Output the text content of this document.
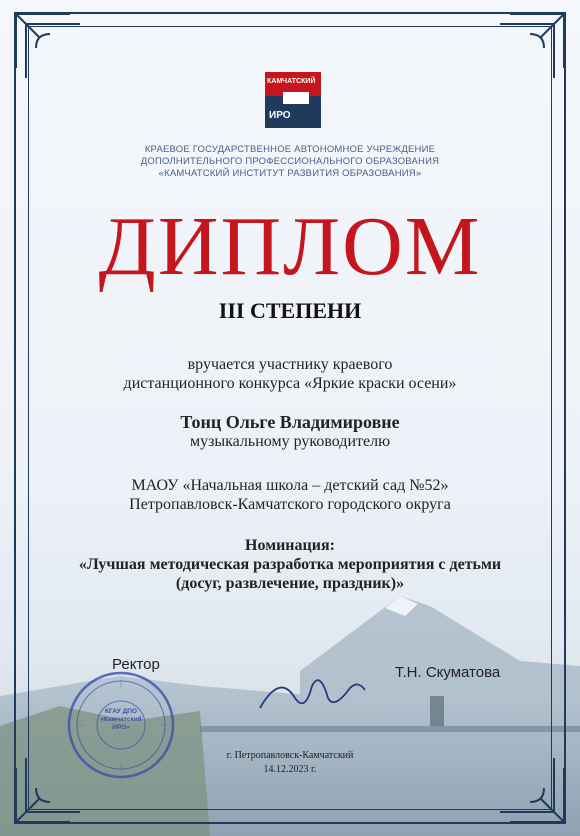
КАМЧАТСКИЙ
ИРО
КРАЕВОЕ ГОСУДАРСТВЕННОЕ АВТОНОМНОЕ УЧРЕЖДЕНИЕ
ДОПОЛНИТЕЛЬНОГО ПРОФЕССИОНАЛЬНОГО ОБРАЗОВАНИЯ
«КАМЧАТСКИЙ ИНСТИТУТ РАЗВИТИЯ ОБРАЗОВАНИЯ»
ДИПЛОМ
III СТЕПЕНИ
вручается участнику краевого
дистанционного конкурса «Яркие краски осени»
Тонц Ольге Владимировне
музыкальному руководителю
МАОУ «Начальная школа – детский сад №52»
Петропавловск-Камчатского городского округа
Номинация:
«Лучшая методическая разработка мероприятия с детьми
(досуг, развлечение, праздник)»
Ректор	Т.Н. Скуматова
КГАУ ДПО «Камчатский ИРО»
г. Петропавловск-Камчатский
14.12.2023 г.
